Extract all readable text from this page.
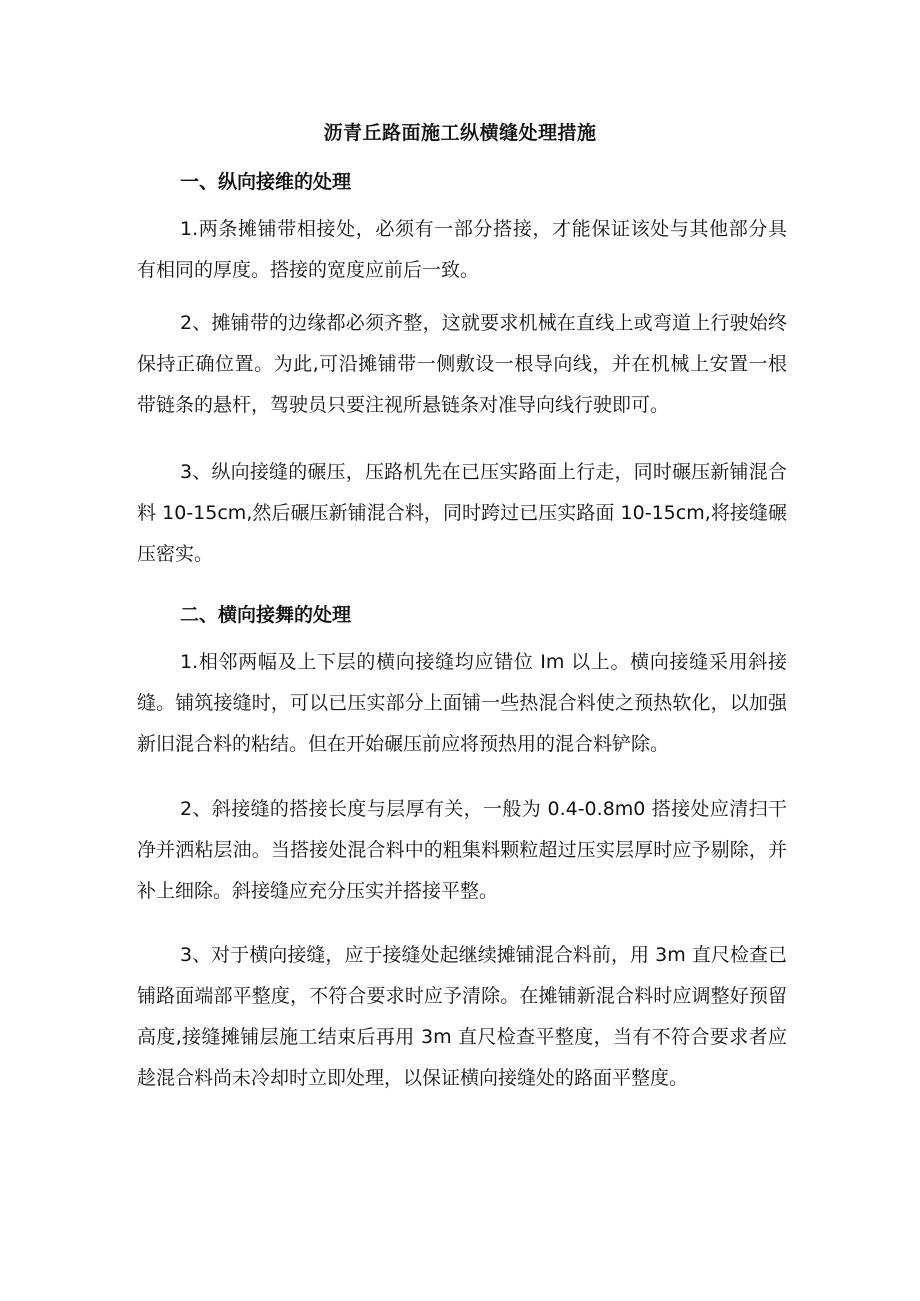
沥青丘路面施工纵横缝处理措施
一、纵向接维的处理

1.两条摊铺带相接处，必须有一部分搭接，才能保证该处与其他部分具有相同的厚度。搭接的宽度应前后一致。

2、摊铺带的边缘都必须齐整，这就要求机械在直线上或弯道上行驶始终保持正确位置。为此,可沿摊铺带一侧敷设一根导向线，并在机械上安置一根带链条的悬杆，驾驶员只要注视所悬链条对准导向线行驶即可。

3、纵向接缝的碾压，压路机先在已压实路面上行走，同时碾压新铺混合料 10-15cm,然后碾压新铺混合料，同时跨过已压实路面 10-15cm,将接缝碾压密实。

二、横向接舞的处理

1.相邻两幅及上下层的横向接缝均应错位 Im 以上。横向接缝采用斜接缝。铺筑接缝时，可以已压实部分上面铺一些热混合料使之预热软化，以加强新旧混合料的粘结。但在开始碾压前应将预热用的混合料铲除。

2、斜接缝的搭接长度与层厚有关，一般为 0.4-0.8m0 搭接处应清扫干净并洒粘层油。当搭接处混合料中的粗集料颗粒超过压实层厚时应予剔除，并补上细除。斜接缝应充分压实并搭接平整。

3、对于横向接缝，应于接缝处起继续摊铺混合料前，用 3m 直尺检查已铺路面端部平整度，不符合要求时应予清除。在摊铺新混合料时应调整好预留高度,接缝摊铺层施工结束后再用 3m 直尺检查平整度，当有不符合要求者应趁混合料尚未冷却时立即处理，以保证横向接缝处的路面平整度。
